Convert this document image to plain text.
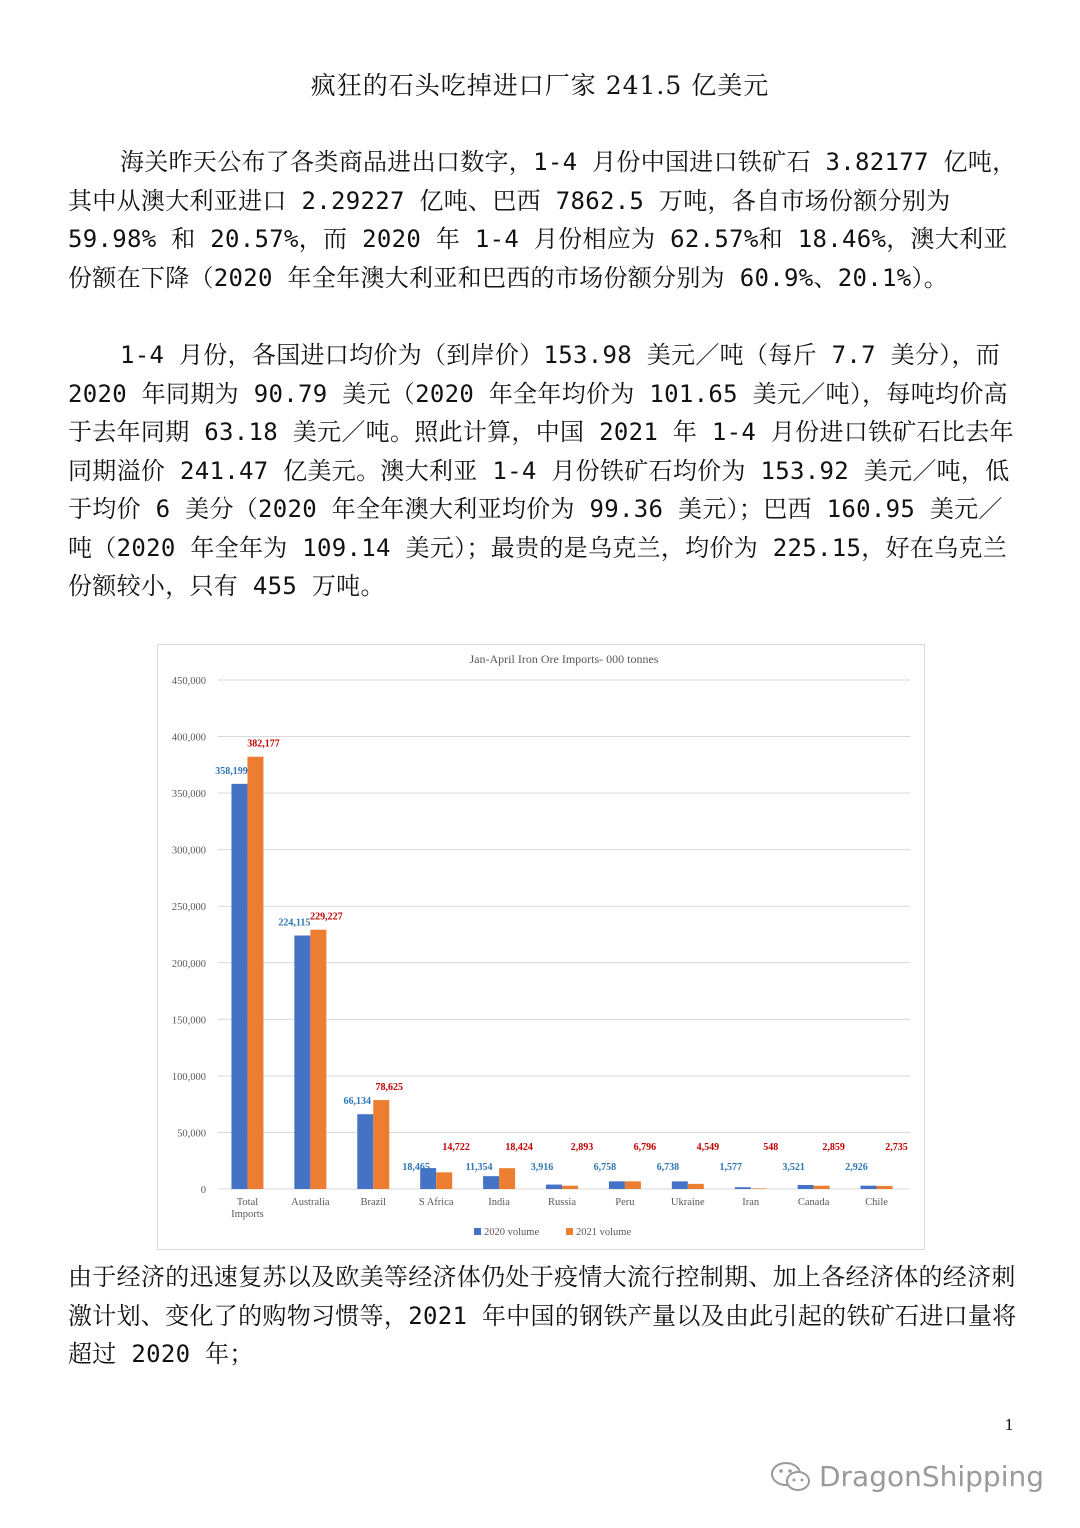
疯狂的石头吃掉进口厂家 241.5 亿美元

海关昨天公布了各类商品进出口数字，1-4 月份中国进口铁矿石 3.82177 亿吨，其中从澳大利亚进口 2.29227 亿吨、巴西 7862.5 万吨，各自市场份额分别为 59.98% 和 20.57%，而 2020 年 1-4 月份相应为 62.57%和 18.46%，澳大利亚份额在下降（2020 年全年澳大利亚和巴西的市场份额分别为 60.9%、20.1%）。

1-4 月份，各国进口均价为（到岸价）153.98 美元／吨（每斤 7.7 美分），而 2020 年同期为 90.79 美元（2020 年全年均价为 101.65 美元／吨），每吨均价高于去年同期 63.18 美元／吨。照此计算，中国 2021 年 1-4 月份进口铁矿石比去年同期溢价 241.47 亿美元。澳大利亚 1-4 月份铁矿石均价为 153.92 美元／吨，低于均价 6 美分（2020 年全年澳大利亚均价为 99.36 美元）；巴西 160.95 美元／吨（2020 年全年为 109.14 美元）；最贵的是乌克兰，均价为 225.15，好在乌克兰份额较小，只有 455 万吨。

Jan-April Iron Ore Imports- 000 tonnes
0
50,000
100,000
150,000
200,000
250,000
300,000
350,000
400,000
450,000
358,199
382,177
Total
Imports
224,115
229,227
Australia
66,134
78,625
Brazil
18,465
14,722
S Africa
11,354
18,424
India
3,916
2,893
Russia
6,758
6,796
Peru
6,738
4,549
Ukraine
1,577
548
Iran
3,521
2,859
Canada
2,926
2,735
Chile
2020 volume	2021 volume

由于经济的迅速复苏以及欧美等经济体仍处于疫情大流行控制期、加上各经济体的经济刺激计划、变化了的购物习惯等，2021 年中国的钢铁产量以及由此引起的铁矿石进口量将超过 2020 年；

1
DragonShipping
